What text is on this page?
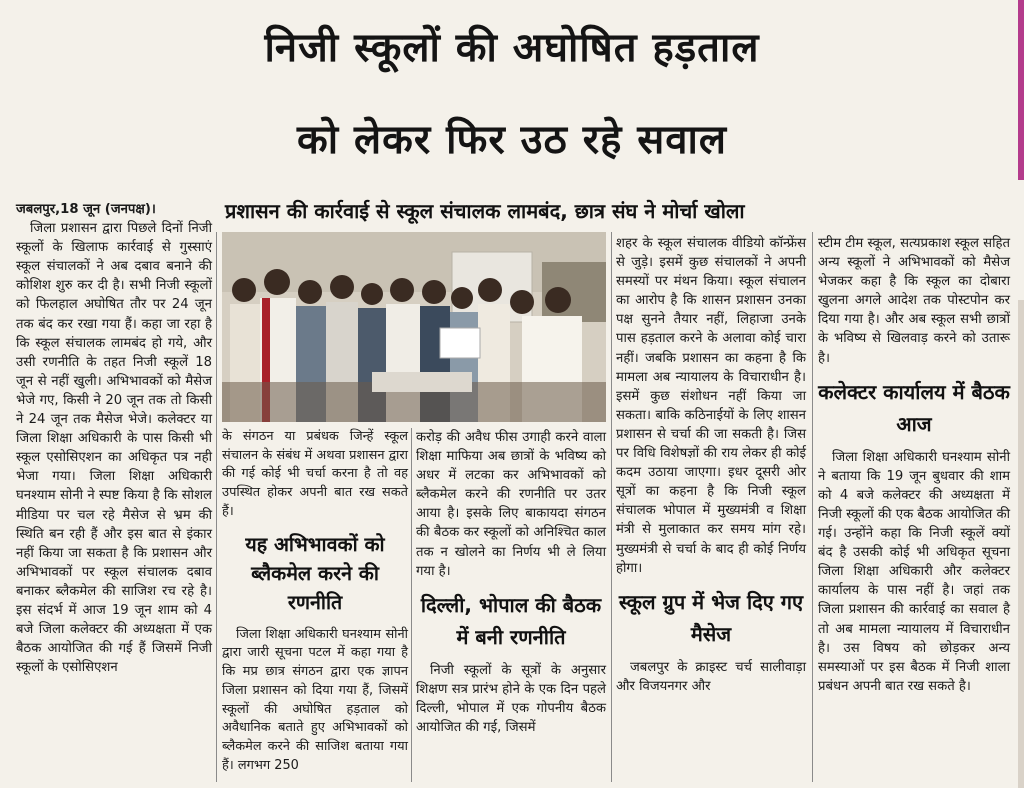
निजी स्कूलों की अघोषित हड़ताल
को लेकर फिर उठ रहे सवाल
प्रशासन की कार्रवाई से स्कूल संचालक लामबंद, छात्र संघ ने मोर्चा खोला

जबलपुर,18 जून (जनपक्ष)।

जिला प्रशासन द्वारा पिछले दिनों निजी स्कूलों के खिलाफ कार्रवाई से गुस्साएं स्कूल संचालकों ने अब दबाव बनाने की कोशिश शुरु कर दी है। सभी निजी स्कूलों को फिलहाल अघोषित तौर पर 24 जून तक बंद कर रखा गया हैं। कहा जा रहा है कि स्कूल संचालक लामबंद हो गये, और उसी रणनीति के तहत निजी स्कूलें 18 जून से नहीं खुली। अभिभावकों को मैसेज भेजे गए, किसी ने 20 जून तक तो किसी ने 24 जून तक मैसेज भेजे। कलेक्टर या जिला शिक्षा अधिकारी के पास किसी भी स्कूल एसोसिएशन का अधिकृत पत्र नही भेजा गया। जिला शिक्षा अधिकारी घनश्याम सोनी ने स्पष्ट किया है कि सोशल मीडिया पर चल रहे मैसेज से भ्रम की स्थिति बन रही हैं और इस बात से इंकार नहीं किया जा सकता है कि प्रशासन और अभिभावकों पर स्कूल संचालक दबाव बनाकर ब्लैकमेल की साजिश रच रहे है। इस संदर्भ में आज 19 जून शाम को 4 बजे जिला कलेक्टर की अध्यक्षता में एक बैठक आयोजित की गई हैं जिसमें निजी स्कूलों के एसोसिएशन

के संगठन या प्रबंधक जिन्हें स्कूल संचालन के संबंध में अथवा प्रशासन द्वारा की गई कोई भी चर्चा करना है तो वह उपस्थित होकर अपनी बात रख सकते हैं।

यह अभिभावकों को ब्लैकमेल करने की रणनीति

जिला शिक्षा अधिकारी घनश्याम सोनी द्वारा जारी सूचना पटल में कहा गया है कि मप्र छात्र संगठन द्वारा एक ज्ञापन जिला प्रशासन को दिया गया हैं, जिसमें स्कूलों की अघोषित हड़ताल को अवैधानिक बताते हुए अभिभावकों को ब्लैकमेल करने की साजिश बताया गया हैं। लगभग 250

करोड़ की अवैध फीस उगाही करने वाला शिक्षा माफिया अब छात्रों के भविष्य को अधर में लटका कर अभिभावकों को ब्लैकमेल करने की रणनीति पर उतर आया है। इसके लिए बाकायदा संगठन की बैठक कर स्कूलों को अनिश्चित काल तक न खोलने का निर्णय भी ले लिया गया है।

दिल्ली, भोपाल की बैठक में बनी रणनीति

निजी स्कूलों के सूत्रों के अनुसार शिक्षण सत्र प्रारंभ होने के एक दिन पहले दिल्ली, भोपाल में एक गोपनीय बैठक आयोजित की गई, जिसमें

शहर के स्कूल संचालक वीडियो कॉन्फ्रेंस से जुड़े। इसमें कुछ संचालकों ने अपनी समस्यों पर मंथन किया। स्कूल संचालन का आरोप है कि शासन प्रशासन उनका पक्ष सुनने तैयार नहीं, लिहाजा उनके पास हड़ताल करने के अलावा कोई चारा नहीं। जबकि प्रशासन का कहना है कि मामला अब न्यायालय के विचाराधीन है। इसमें कुछ संशोधन नहीं किया जा सकता। बाकि कठिनाईयों के लिए शासन प्रशासन से चर्चा की जा सकती है। जिस पर विधि विशेषज्ञों की राय लेकर ही कोई कदम उठाया जाएगा। इधर दूसरी ओर सूत्रों का कहना है कि निजी स्कूल संचालक भोपाल में मुख्यमंत्री व शिक्षा मंत्री से मुलाकात कर समय मांग रहे। मुख्यमंत्री से चर्चा के बाद ही कोई निर्णय होगा।

स्कूल ग्रुप में भेज दिए गए मैसेज

जबलपुर के क्राइस्ट चर्च सालीवाड़ा और विजयनगर और

स्टीम टीम स्कूल, सत्यप्रकाश स्कूल सहित अन्य स्कूलों ने अभिभावकों को मैसेज भेजकर कहा है कि स्कूल का दोबारा खुलना अगले आदेश तक पोस्टपोन कर दिया गया है। और अब स्कूल सभी छात्रों के भविष्य से खिलवाड़ करने को उतारू है।

कलेक्टर कार्यालय में बैठक आज

जिला शिक्षा अधिकारी घनश्याम सोनी ने बताया कि 19 जून बुधवार की शाम को 4 बजे कलेक्टर की अध्यक्षता में निजी स्कूलों की एक बैठक आयोजित की गई। उन्होंने कहा कि निजी स्कूलें क्यों बंद है उसकी कोई भी अधिकृत सूचना जिला शिक्षा अधिकारी और कलेक्टर कार्यालय के पास नहीं है। जहां तक जिला प्रशासन की कार्रवाई का सवाल है तो अब मामला न्यायालय में विचाराधीन है। उस विषय को छोड़कर अन्य समस्याओं पर इस बैठक में निजी शाला प्रबंधन अपनी बात रख सकते है।
